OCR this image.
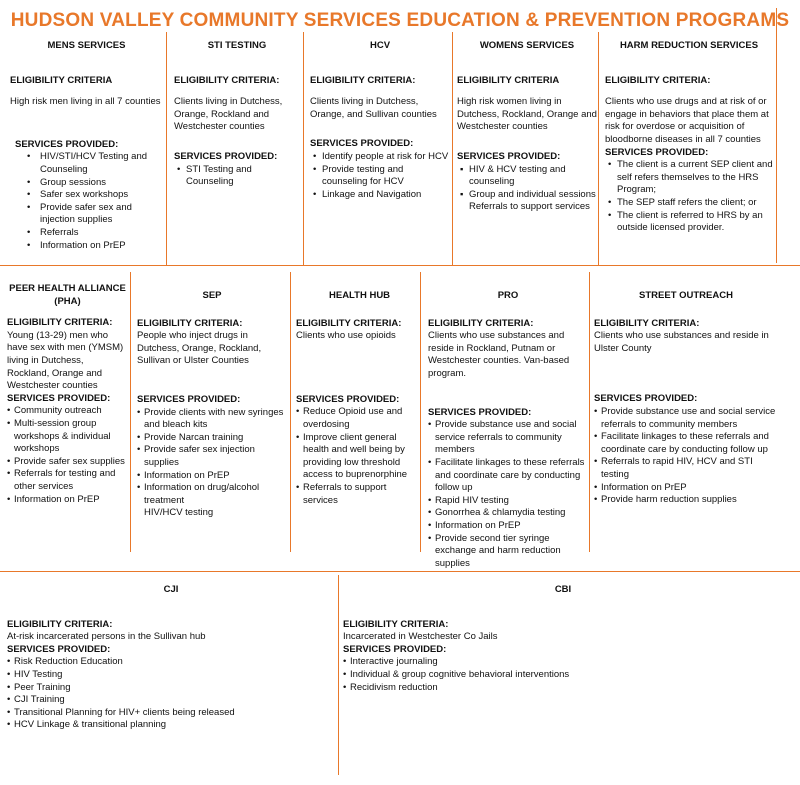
HUDSON VALLEY COMMUNITY SERVICES EDUCATION & PREVENTION PROGRAMS
MENS SERVICES
ELIGIBILITY CRITERIA
High risk men living in all 7 counties
SERVICES PROVIDED:
• HIV/STI/HCV Testing and Counseling
• Group sessions
• Safer sex workshops
• Provide safer sex and injection supplies
• Referrals
• Information on PrEP
STI TESTING
ELIGIBILITY CRITERIA:
Clients living in Dutchess, Orange, Rockland and Westchester counties
SERVICES PROVIDED:
• STI Testing and Counseling
HCV
ELIGIBILITY CRITERIA:
Clients living in Dutchess, Orange, and Sullivan counties
SERVICES PROVIDED:
• Identify people at risk for HCV
• Provide testing and counseling for HCV
• Linkage and Navigation
WOMENS SERVICES
ELIGIBILITY CRITERIA
High risk women living in Dutchess, Rockland, Orange and Westchester counties
SERVICES PROVIDED:
▪ HIV & HCV testing and counseling
▪ Group and individual sessions
Referrals to support services
HARM REDUCTION SERVICES
ELIGIBILITY CRITERIA:
Clients who use drugs and at risk of or engage in behaviors that place them at risk for overdose or acquisition of bloodborne diseases in all 7 counties
SERVICES PROVIDED:
• The client is a current SEP client and self refers themselves to the HRS Program;
• The SEP staff refers the client; or
• The client is referred to HRS by an outside licensed provider.
PEER HEALTH ALLIANCE (PHA)
ELIGIBILITY CRITERIA:
Young (13-29) men who have sex with men (YMSM) living in Dutchess, Rockland, Orange and Westchester counties
SERVICES PROVIDED:
• Community outreach
• Multi-session group workshops & individual workshops
• Provide safer sex supplies
• Referrals for testing and other services
• Information on PrEP
SEP
ELIGIBILITY CRITERIA:
People who inject drugs in Dutchess, Orange, Rockland, Sullivan or Ulster Counties
SERVICES PROVIDED:
• Provide clients with new syringes and bleach kits
• Provide Narcan training
• Provide safer sex injection supplies
• Information on PrEP
• Information on drug/alcohol treatment
HIV/HCV testing
HEALTH HUB
ELIGIBILITY CRITERIA:
Clients who use opioids
SERVICES PROVIDED:
• Reduce Opioid use and overdosing
• Improve client general health and well being by providing low threshold access to buprenorphine
• Referrals to support services
PRO
ELIGIBILITY CRITERIA:
Clients who use substances and reside in Rockland, Putnam or Westchester counties. Van-based program.
SERVICES PROVIDED:
• Provide substance use and social service referrals to community members
• Facilitate linkages to these referrals and coordinate care by conducting follow up
• Rapid HIV testing
• Gonorrhea & chlamydia testing
• Information on PrEP
• Provide second tier syringe exchange and harm reduction supplies
STREET OUTREACH
ELIGIBILITY CRITERIA:
Clients who use substances and reside in Ulster County
SERVICES PROVIDED:
• Provide substance use and social service referrals to community members
• Facilitate linkages to these referrals and coordinate care by conducting follow up
• Referrals to rapid HIV, HCV and STI testing
• Information on PrEP
• Provide harm reduction supplies
CJI
ELIGIBILITY CRITERIA:
At-risk incarcerated persons in the Sullivan hub
SERVICES PROVIDED:
• Risk Reduction Education
• HIV Testing
• Peer Training
• CJI Training
• Transitional Planning for HIV+ clients being released
• HCV Linkage & transitional planning
CBI
ELIGIBILITY CRITERIA:
Incarcerated in Westchester Co Jails
SERVICES PROVIDED:
• Interactive journaling
• Individual & group cognitive behavioral interventions
• Recidivism reduction
